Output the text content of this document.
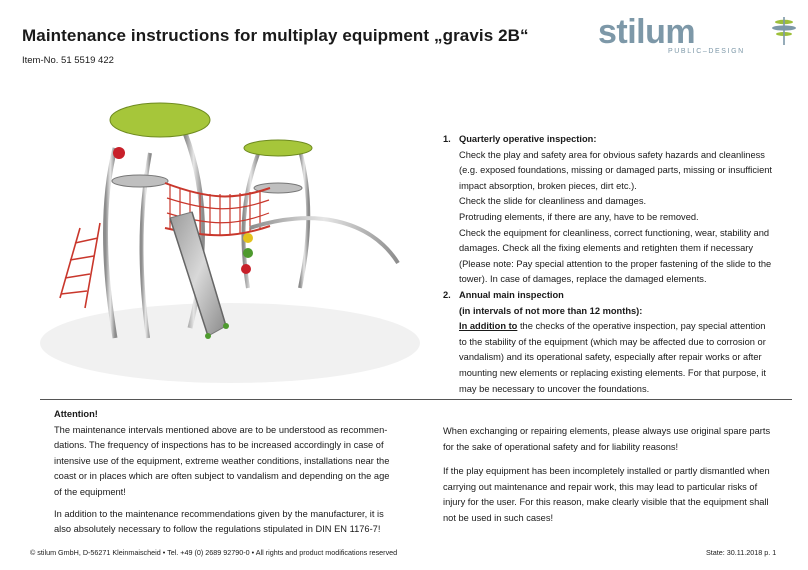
Maintenance instructions for multiplay equipment „gravis 2B“
Item-No. 51 5519 422
stilum
PUBLIC–DESIGN
1. Quarterly operative inspection:
Check the play and safety area for obvious safety hazards and cleanliness
(e.g. exposed foundations, missing or damaged parts, missing or insufficient
impact absorption, broken pieces, dirt etc.).
Check the slide for cleanliness and damages.
Protruding elements, if there are any, have to be removed.
Check the equipment for cleanliness, correct functioning, wear, stability and
damages. Check all the fixing elements and retighten them if necessary
(Please note: Pay special attention to the proper fastening of the slide to the
tower). In case of damages, replace the damaged elements.
2. Annual main inspection
(in intervals of not more than 12 months):
In addition to the checks of the operative inspection, pay special attention
to the stability of the equipment (which may be affected due to corrosion or
vandalism) and its operational safety, especially after repair works or after
mounting new elements or replacing existing elements. For that purpose, it
may be necessary to uncover the foundations.
Attention!

The maintenance intervals mentioned above are to be understood as recommen-
dations. The frequency of inspections has to be increased accordingly in case of
intensive use of the equipment, extreme weather conditions, installations near the
coast or in places which are often subject to vandalism and depending on the age
of the equipment!

In addition to the maintenance recommendations given by the manufacturer, it is
also absolutely necessary to follow the regulations stipulated in DIN EN 1176-7!

When exchanging or repairing elements, please always use original spare parts
for the sake of operational safety and for liability reasons!

If the play equipment has been incompletely installed or partly dismantled when
carrying out maintenance and repair work, this may lead to particular risks of
injury for the user. For this reason, make clearly visible that the equipment shall
not be used in such cases!

© stilum GmbH, D-56271 Kleinmaischeid • Tel. +49 (0) 2689 92790-0 • All rights and product modifications reserved	State: 30.11.2018 p. 1
